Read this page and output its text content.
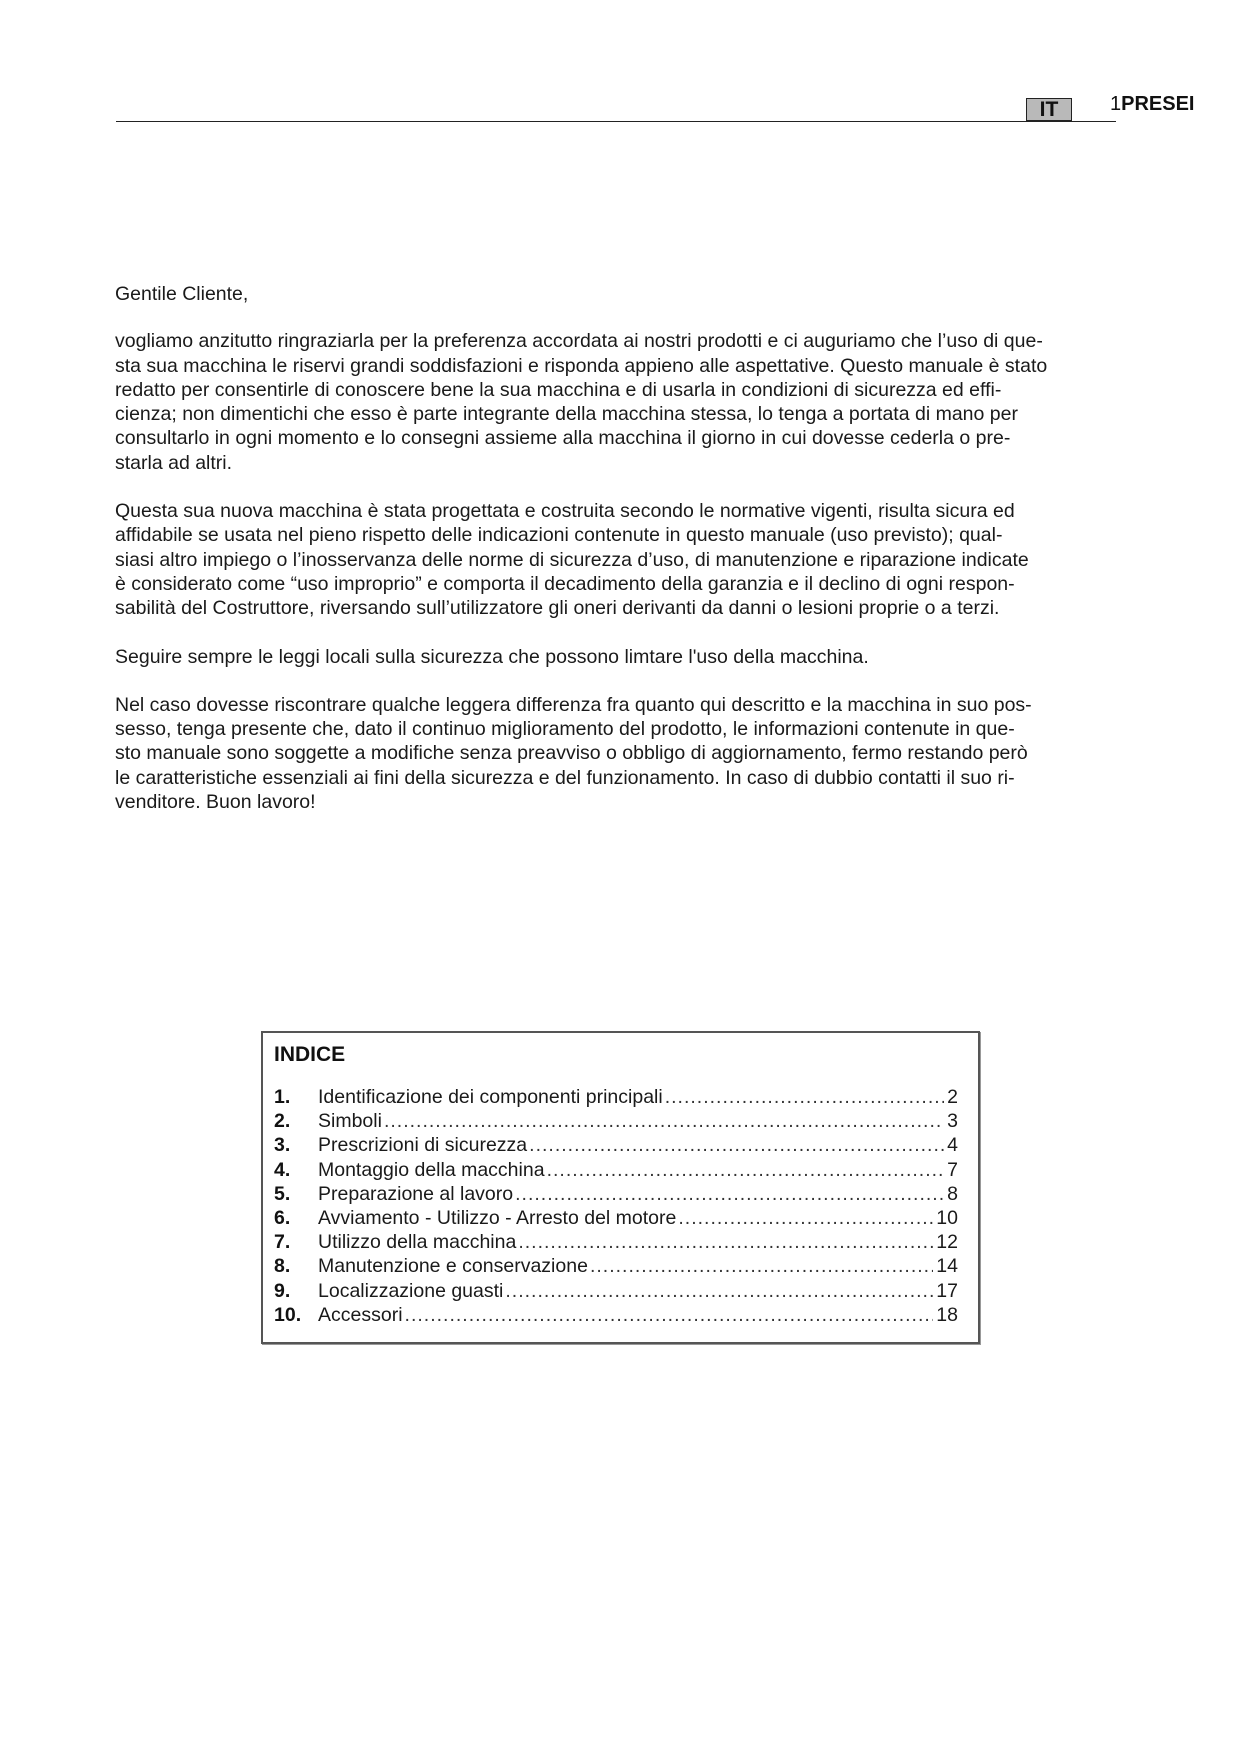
IT	1PRESEI

Gentile Cliente,

vogliamo anzitutto ringraziarla per la preferenza accordata ai nostri prodotti e ci auguriamo che l’uso di que-

sta sua macchina le riservi grandi soddisfazioni e risponda appieno alle aspettative. Questo manuale è stato

redatto per consentirle di conoscere bene la sua macchina e di usarla in condizioni di sicurezza ed effi-

cienza; non dimentichi che esso è parte integrante della macchina stessa, lo tenga a portata di mano per

consultarlo in ogni momento e lo consegni assieme alla macchina il giorno in cui dovesse cederla o pre-

starla ad altri.

Questa sua nuova macchina è stata progettata e costruita secondo le normative vigenti, risulta sicura ed

affidabile se usata nel pieno rispetto delle indicazioni contenute in questo manuale (uso previsto); qual-

siasi altro impiego o l’inosservanza delle norme di sicurezza d’uso, di manutenzione e riparazione indicate

è considerato come “uso improprio” e comporta il decadimento della garanzia e il declino di ogni respon-

sabilità del Costruttore, riversando sull’utilizzatore gli oneri derivanti da danni o lesioni proprie o a terzi.

Seguire sempre le leggi locali sulla sicurezza che possono limtare l'uso della macchina.

Nel caso dovesse riscontrare qualche leggera differenza fra quanto qui descritto e la macchina in suo pos-

sesso, tenga presente che, dato il continuo miglioramento del prodotto, le informazioni contenute in que-

sto manuale sono soggette a modifiche senza preavviso o obbligo di aggiornamento, fermo restando però

le caratteristiche essenziali ai fini della sicurezza e del funzionamento. In caso di dubbio contatti il suo ri-

venditore. Buon lavoro!

INDICE
1.	Identificazione dei componenti principali .....	2
2.	Simboli .....	3
3.	Prescrizioni di sicurezza .....	4
4.	Montaggio della macchina .....	7
5.	Preparazione al lavoro .....	8
6.	Avviamento - Utilizzo - Arresto del motore .....	10
7.	Utilizzo della macchina .....	12
8.	Manutenzione e conservazione .....	14
9.	Localizzazione guasti .....	17
10. Accessori .....	18
